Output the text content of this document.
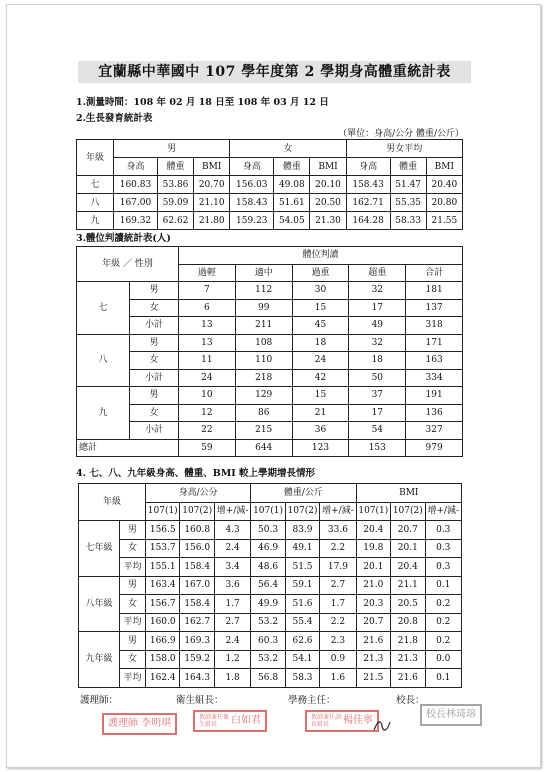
宜蘭縣中華國中 107 學年度第 2 學期身高體重統計表
1.測量時間：108 年 02 月 18 日至 108 年 03 月 12 日
2.生長發育統計表
（單位：身高/公分 體重/公斤）
年級	男			女			男女平均		
	身高	體重	BMI	身高	體重	BMI	身高	體重	BMI
七	160.83	53.86	20.70	156.03	49.08	20.10	158.43	51.47	20.40
八	167.00	59.09	21.10	158.43	51.61	20.50	162.71	55.35	20.80
九	169.32	62.62	21.80	159.23	54.05	21.30	164.28	58.33	21.55
3.體位判讀統計表(人)
年級 ／ 性別		體位判讀				
		過輕	適中	過重	超重	合計
七	男	7	112	30	32	181
	女	6	99	15	17	137
	小計	13	211	45	49	318
八	男	13	108	18	32	171
	女	11	110	24	18	163
	小計	24	218	42	50	334
九	男	10	129	15	37	191
	女	12	86	21	17	136
	小計	22	215	36	54	327
總計		59	644	123	153	979
4. 七、八、九年級身高、體重、BMI 較上學期增長情形
年級		身高/公分			體重/公斤			BMI		
		107(1)	107(2)	增+/減-	107(1)	107(2)	增+/減-	107(1)	107(2)	增+/減-
七年級	男	156.5	160.8	4.3	50.3	83.9	33.6	20.4	20.7	0.3
	女	153.7	156.0	2.4	46.9	49.1	2.2	19.8	20.1	0.3
	平均	155.1	158.4	3.4	48.6	51.5	17.9	20.1	20.4	0.3
八年級	男	163.4	167.0	3.6	56.4	59.1	2.7	21.0	21.1	0.1
	女	156.7	158.4	1.7	49.9	51.6	1.7	20.3	20.5	0.2
	平均	160.0	162.7	2.7	53.2	55.4	2.2	20.7	20.8	0.2
九年級	男	166.9	169.3	2.4	60.3	62.6	2.3	21.6	21.8	0.2
	女	158.0	159.2	1.2	53.2	54.1	0.9	21.3	21.3	0.0
	平均	162.4	164.3	1.8	56.8	58.3	1.6	21.5	21.6	0.1
護理師：	衛生組長：	學務主任：	校長：
護理師 李明琪
教師兼任衛生組長 白如君	教師兼任訓育組長 楊佳寧
校長林琦瑢
